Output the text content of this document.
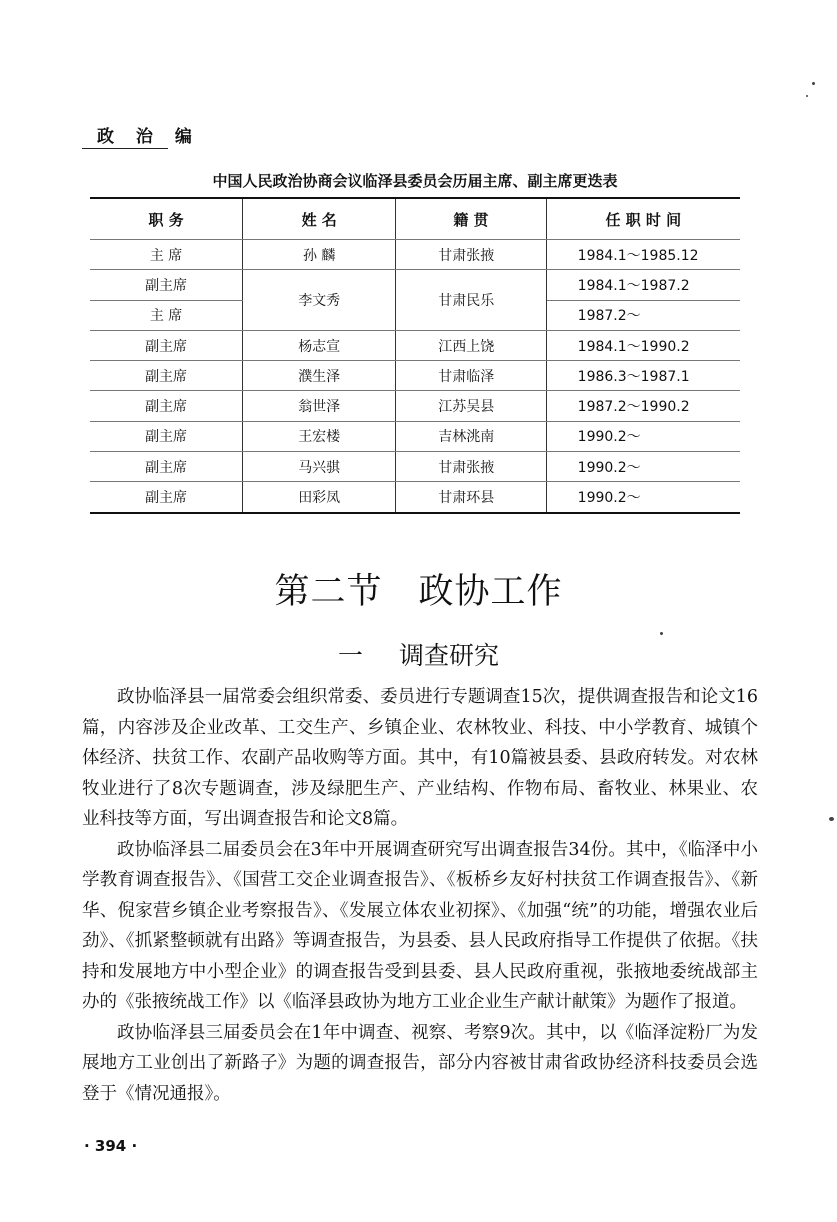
政 治 编
中国人民政治协商会议临泽县委员会历届主席、副主席更迭表
职 务	姓 名	籍 贯	任 职 时 间
主 席	孙 麟	甘肃张掖	1984.1～1985.12
副主席	李文秀	甘肃民乐	1984.1～1987.2
主 席			1987.2～
副主席	杨志宣	江西上饶	1984.1～1990.2
副主席	濮生泽	甘肃临泽	1986.3～1987.1
副主席	翁世泽	江苏吴县	1987.2～1990.2
副主席	王宏楼	吉林洮南	1990.2～
副主席	马兴骐	甘肃张掖	1990.2～
副主席	田彩凤	甘肃环县	1990.2～
第二节　政协工作
一 调查研究

政协临泽县一届常委会组织常委、委员进行专题调查15次，提供调查报告和论文16篇，内容涉及企业改革、工交生产、乡镇企业、农林牧业、科技、中小学教育、城镇个体经济、扶贫工作、农副产品收购等方面。其中，有10篇被县委、县政府转发。对农林牧业进行了8次专题调查，涉及绿肥生产、产业结构、作物布局、畜牧业、林果业、农业科技等方面，写出调查报告和论文8篇。

政协临泽县二届委员会在3年中开展调查研究写出调查报告34份。其中，《临泽中小学教育调查报告》、《国营工交企业调查报告》、《板桥乡友好村扶贫工作调查报告》、《新华、倪家营乡镇企业考察报告》、《发展立体农业初探》、《加强“统”的功能，增强农业后劲》、《抓紧整顿就有出路》等调查报告，为县委、县人民政府指导工作提供了依据。《扶持和发展地方中小型企业》的调查报告受到县委、县人民政府重视，张掖地委统战部主办的《张掖统战工作》以《临泽县政协为地方工业企业生产献计献策》为题作了报道。

政协临泽县三届委员会在1年中调查、视察、考察9次。其中，以《临泽淀粉厂为发展地方工业创出了新路子》为题的调查报告，部分内容被甘肃省政协经济科技委员会选登于《情况通报》。

· 394 ·
